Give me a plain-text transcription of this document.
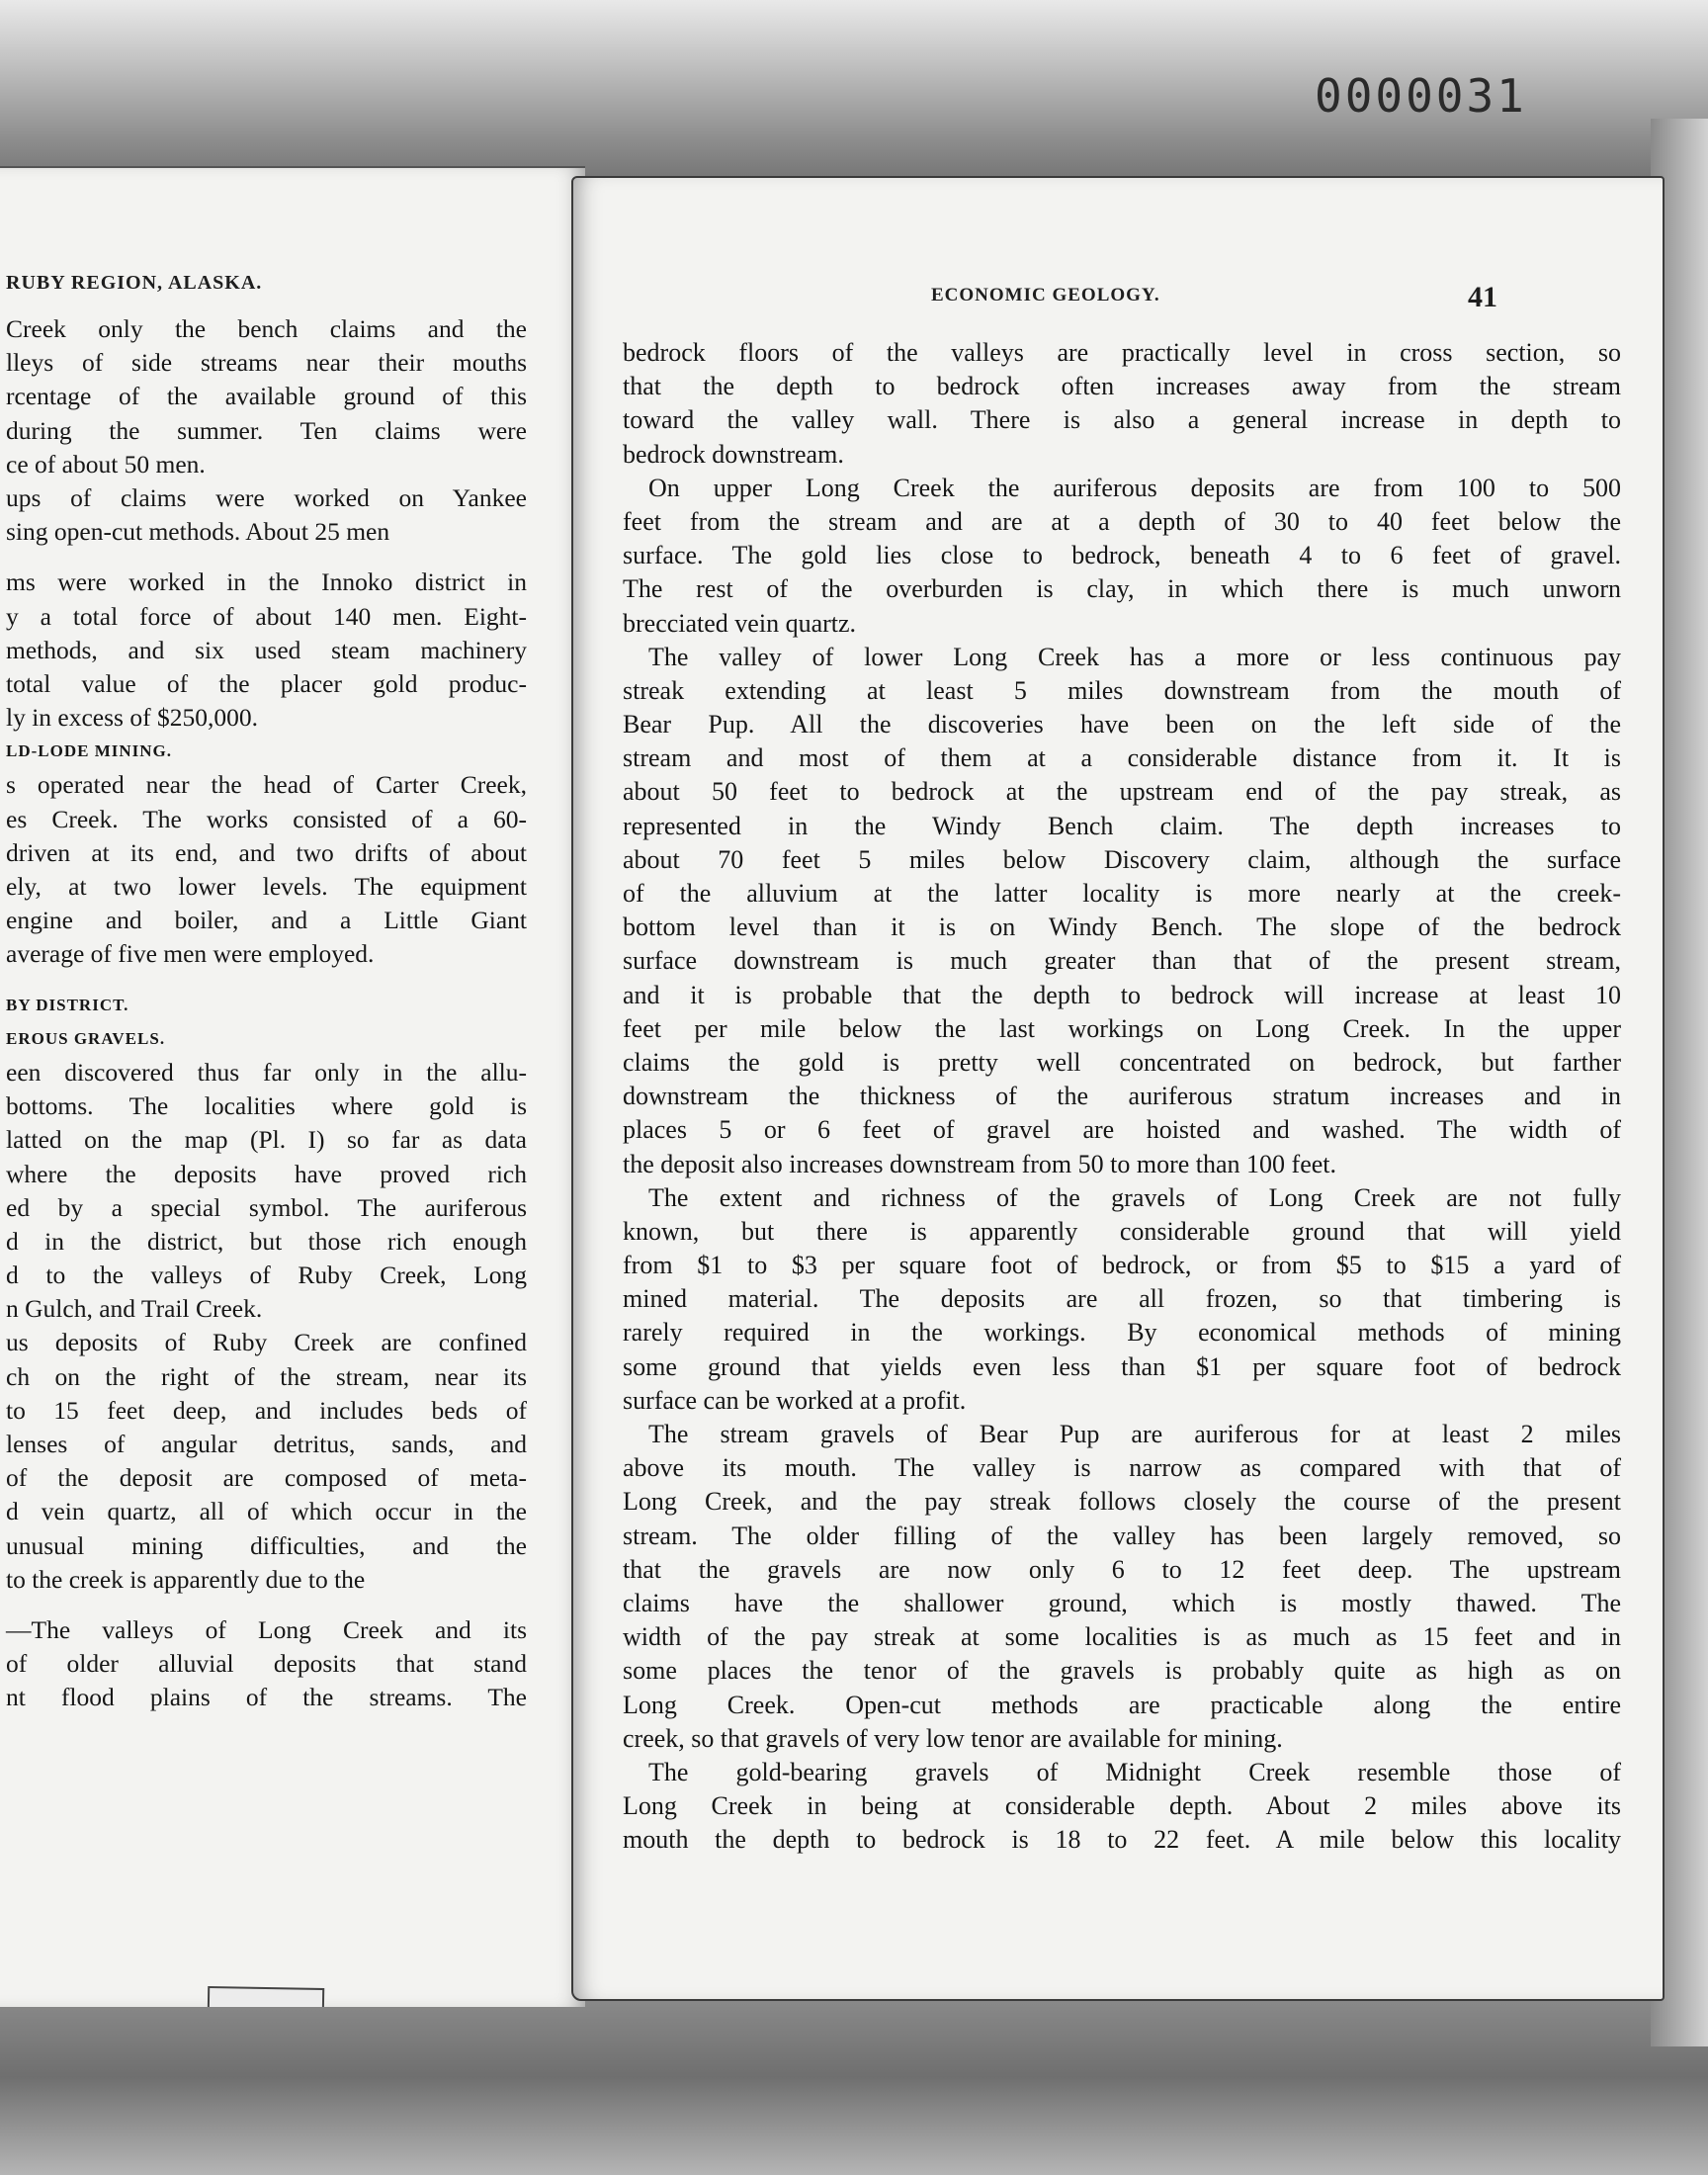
0000031
RUBY REGION, ALASKA.
Creek only the bench claims and the
lleys of side streams near their mouths
rcentage of the available ground of this
during the summer. Ten claims were
ce of about 50 men.
ups of claims were worked on Yankee
sing open-cut methods. About 25 men
ms were worked in the Innoko district in
y a total force of about 140 men. Eight-
methods, and six used steam machinery
total value of the placer gold produc-
ly in excess of $250,000.
LD-LODE MINING.
s operated near the head of Carter Creek,
es Creek. The works consisted of a 60-
driven at its end, and two drifts of about
ely, at two lower levels. The equipment
engine and boiler, and a Little Giant
average of five men were employed.
BY DISTRICT.
EROUS GRAVELS.
een discovered thus far only in the allu-
bottoms. The localities where gold is
latted on the map (Pl. I) so far as data
where the deposits have proved rich
ed by a special symbol. The auriferous
d in the district, but those rich enough
d to the valleys of Ruby Creek, Long
n Gulch, and Trail Creek.
us deposits of Ruby Creek are confined
ch on the right of the stream, near its
to 15 feet deep, and includes beds of
lenses of angular detritus, sands, and
of the deposit are composed of meta-
d vein quartz, all of which occur in the
unusual mining difficulties, and the
to the creek is apparently due to the
—The valleys of Long Creek and its
of older alluvial deposits that stand
nt flood plains of the streams. The
ECONOMIC GEOLOGY.	41
bedrock floors of the valleys are practically level in cross section, so
that the depth to bedrock often increases away from the stream
toward the valley wall. There is also a general increase in depth to
bedrock downstream.
On upper Long Creek the auriferous deposits are from 100 to 500
feet from the stream and are at a depth of 30 to 40 feet below the
surface. The gold lies close to bedrock, beneath 4 to 6 feet of gravel.
The rest of the overburden is clay, in which there is much unworn
brecciated vein quartz.
The valley of lower Long Creek has a more or less continuous pay
streak extending at least 5 miles downstream from the mouth of
Bear Pup. All the discoveries have been on the left side of the
stream and most of them at a considerable distance from it. It is
about 50 feet to bedrock at the upstream end of the pay streak, as
represented in the Windy Bench claim. The depth increases to
about 70 feet 5 miles below Discovery claim, although the surface
of the alluvium at the latter locality is more nearly at the creek-
bottom level than it is on Windy Bench. The slope of the bedrock
surface downstream is much greater than that of the present stream,
and it is probable that the depth to bedrock will increase at least 10
feet per mile below the last workings on Long Creek. In the upper
claims the gold is pretty well concentrated on bedrock, but farther
downstream the thickness of the auriferous stratum increases and in
places 5 or 6 feet of gravel are hoisted and washed. The width of
the deposit also increases downstream from 50 to more than 100 feet.
The extent and richness of the gravels of Long Creek are not fully
known, but there is apparently considerable ground that will yield
from $1 to $3 per square foot of bedrock, or from $5 to $15 a yard of
mined material. The deposits are all frozen, so that timbering is
rarely required in the workings. By economical methods of mining
some ground that yields even less than $1 per square foot of bedrock
surface can be worked at a profit.
The stream gravels of Bear Pup are auriferous for at least 2 miles
above its mouth. The valley is narrow as compared with that of
Long Creek, and the pay streak follows closely the course of the present
stream. The older filling of the valley has been largely removed, so
that the gravels are now only 6 to 12 feet deep. The upstream
claims have the shallower ground, which is mostly thawed. The
width of the pay streak at some localities is as much as 15 feet and in
some places the tenor of the gravels is probably quite as high as on
Long Creek. Open-cut methods are practicable along the entire
creek, so that gravels of very low tenor are available for mining.
The gold-bearing gravels of Midnight Creek resemble those of
Long Creek in being at considerable depth. About 2 miles above its
mouth the depth to bedrock is 18 to 22 feet. A mile below this locality
